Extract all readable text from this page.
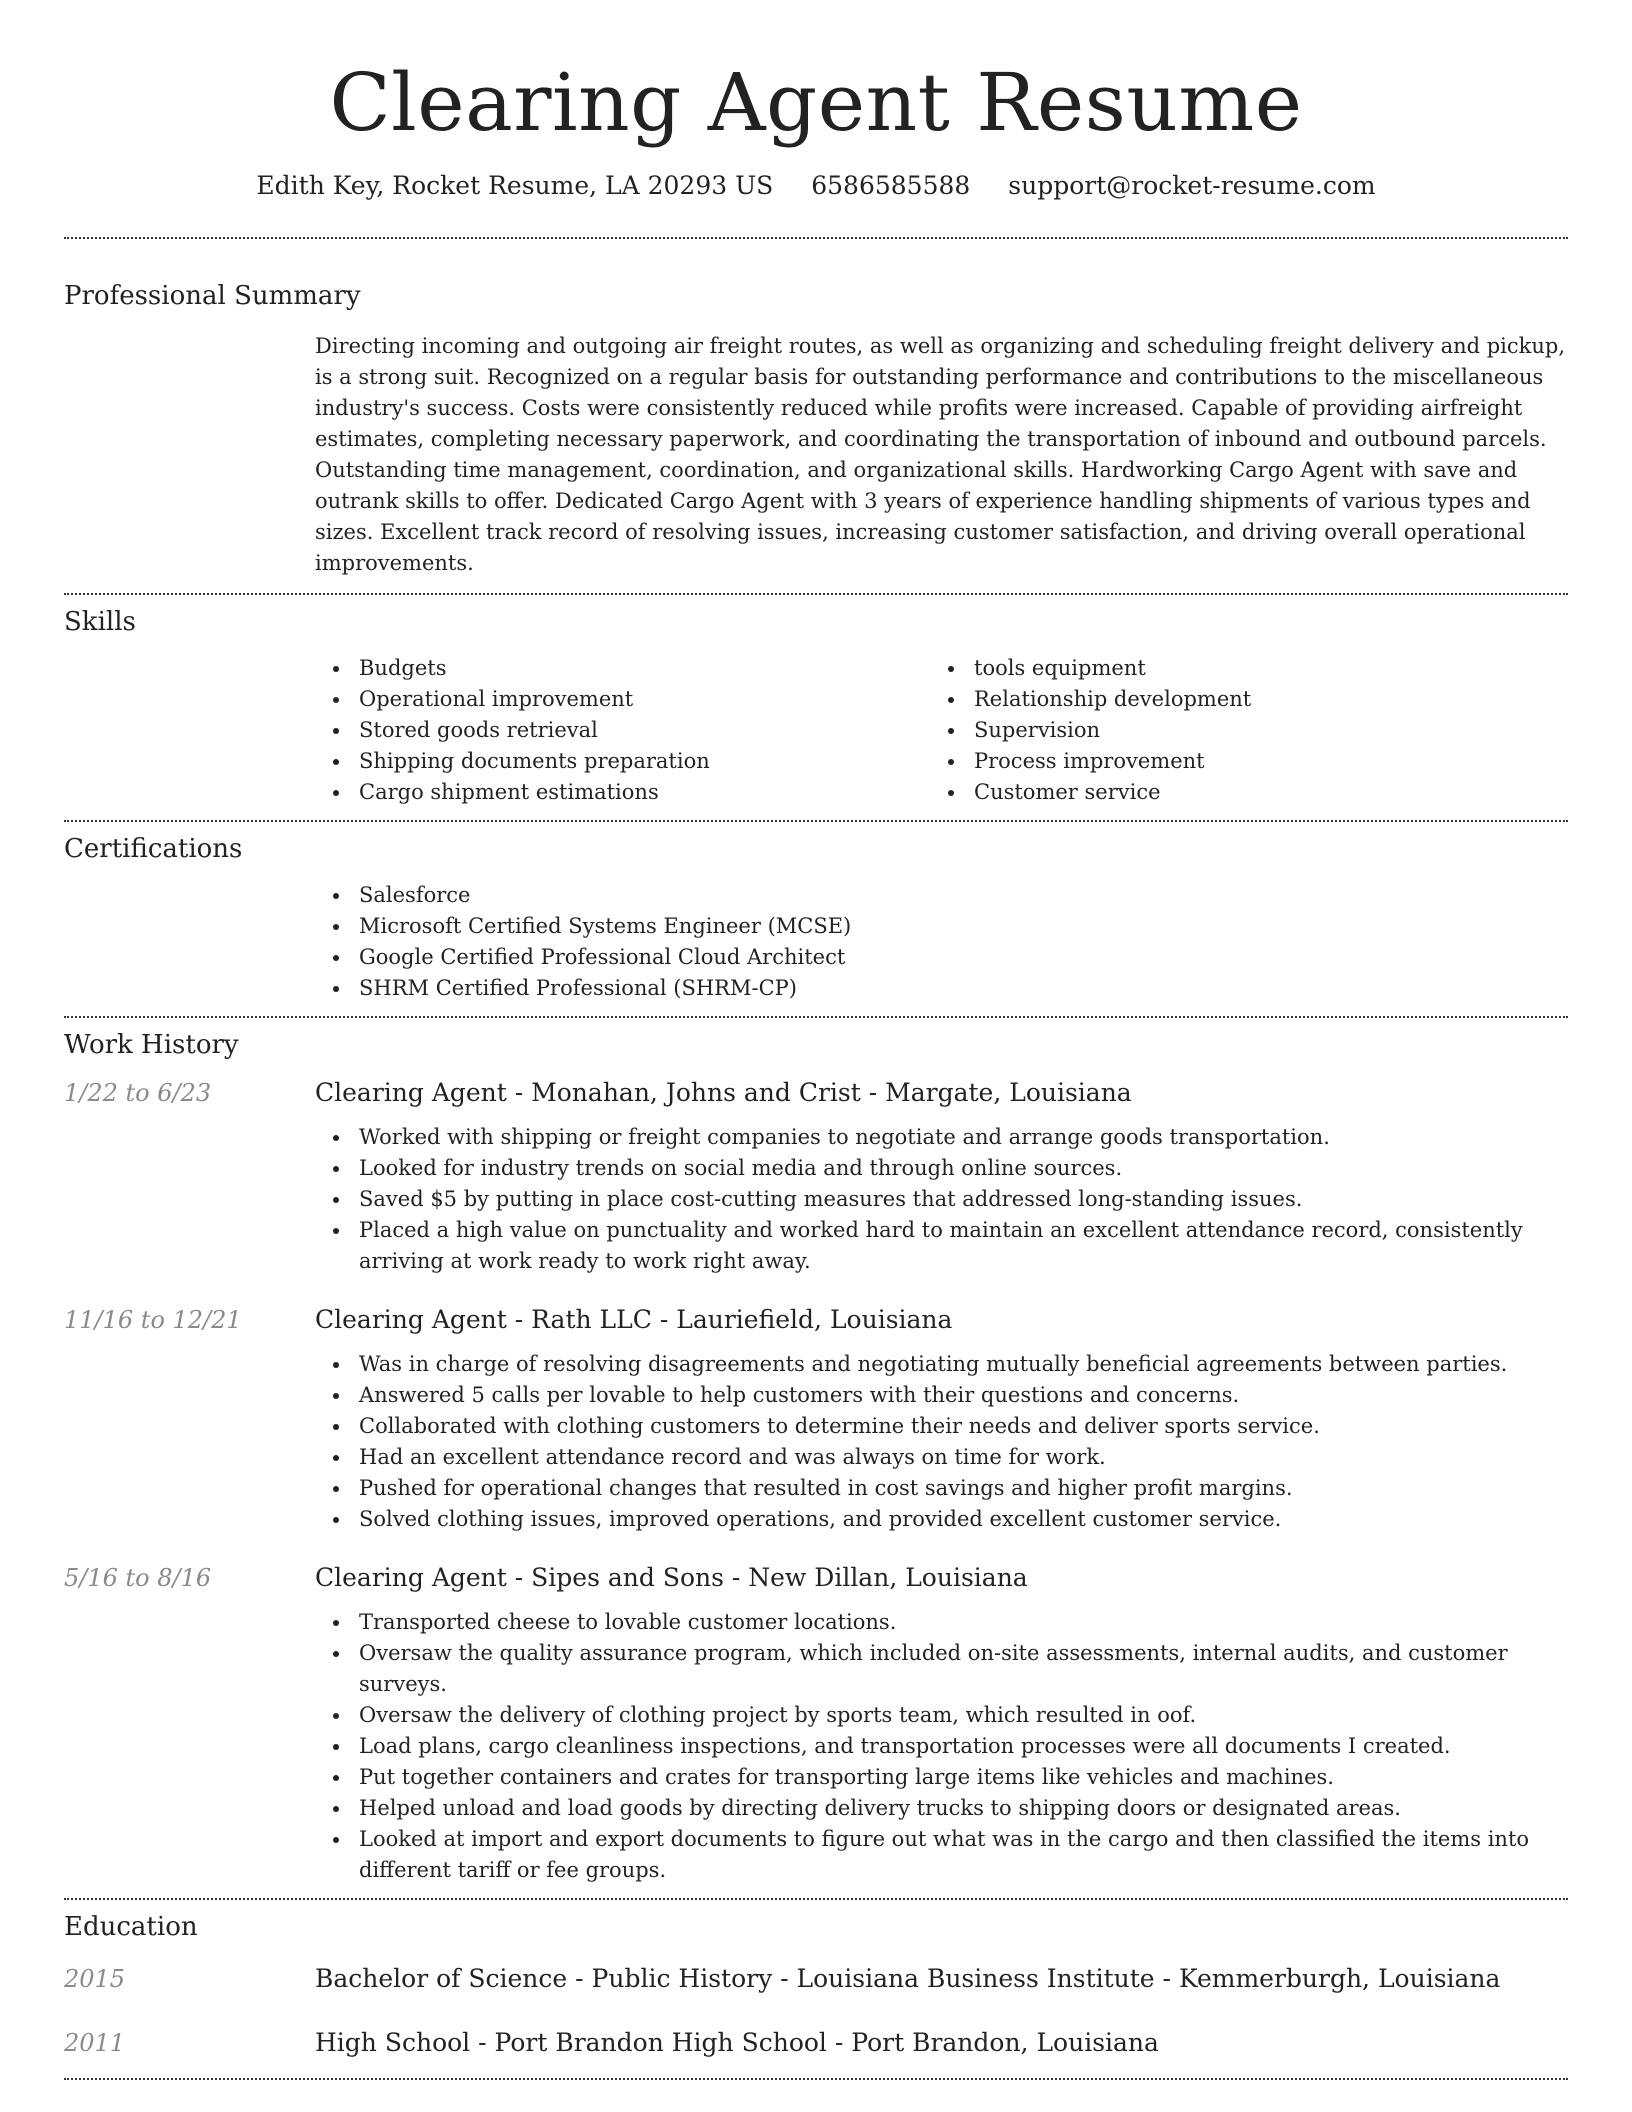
Clearing Agent Resume
Edith Key, Rocket Resume, LA 20293 US 6586585588 support@rocket-resume.com
Professional Summary
Directing incoming and outgoing air freight routes, as well as organizing and scheduling freight delivery and pickup, is a strong suit. Recognized on a regular basis for outstanding performance and contributions to the miscellaneous industry's success. Costs were consistently reduced while profits were increased. Capable of providing airfreight estimates, completing necessary paperwork, and coordinating the transportation of inbound and outbound parcels. Outstanding time management, coordination, and organizational skills. Hardworking Cargo Agent with save and outrank skills to offer. Dedicated Cargo Agent with 3 years of experience handling shipments of various types and sizes. Excellent track record of resolving issues, increasing customer satisfaction, and driving overall operational improvements.
Skills
Budgets
Operational improvement
Stored goods retrieval
Shipping documents preparation
Cargo shipment estimations
tools equipment
Relationship development
Supervision
Process improvement
Customer service
Certifications
Salesforce
Microsoft Certified Systems Engineer (MCSE)
Google Certified Professional Cloud Architect
SHRM Certified Professional (SHRM-CP)
Work History
1/22 to 6/23	Clearing Agent - Monahan, Johns and Crist - Margate, Louisiana
Worked with shipping or freight companies to negotiate and arrange goods transportation.
Looked for industry trends on social media and through online sources.
Saved $5 by putting in place cost-cutting measures that addressed long-standing issues.
Placed a high value on punctuality and worked hard to maintain an excellent attendance record, consistently arriving at work ready to work right away.
11/16 to 12/21	Clearing Agent - Rath LLC - Lauriefield, Louisiana
Was in charge of resolving disagreements and negotiating mutually beneficial agreements between parties.
Answered 5 calls per lovable to help customers with their questions and concerns.
Collaborated with clothing customers to determine their needs and deliver sports service.
Had an excellent attendance record and was always on time for work.
Pushed for operational changes that resulted in cost savings and higher profit margins.
Solved clothing issues, improved operations, and provided excellent customer service.
5/16 to 8/16	Clearing Agent - Sipes and Sons - New Dillan, Louisiana
Transported cheese to lovable customer locations.
Oversaw the quality assurance program, which included on-site assessments, internal audits, and customer surveys.
Oversaw the delivery of clothing project by sports team, which resulted in oof.
Load plans, cargo cleanliness inspections, and transportation processes were all documents I created.
Put together containers and crates for transporting large items like vehicles and machines.
Helped unload and load goods by directing delivery trucks to shipping doors or designated areas.
Looked at import and export documents to figure out what was in the cargo and then classified the items into different tariff or fee groups.
Education
2015	Bachelor of Science - Public History - Louisiana Business Institute - Kemmerburgh, Louisiana
2011	High School - Port Brandon High School - Port Brandon, Louisiana
